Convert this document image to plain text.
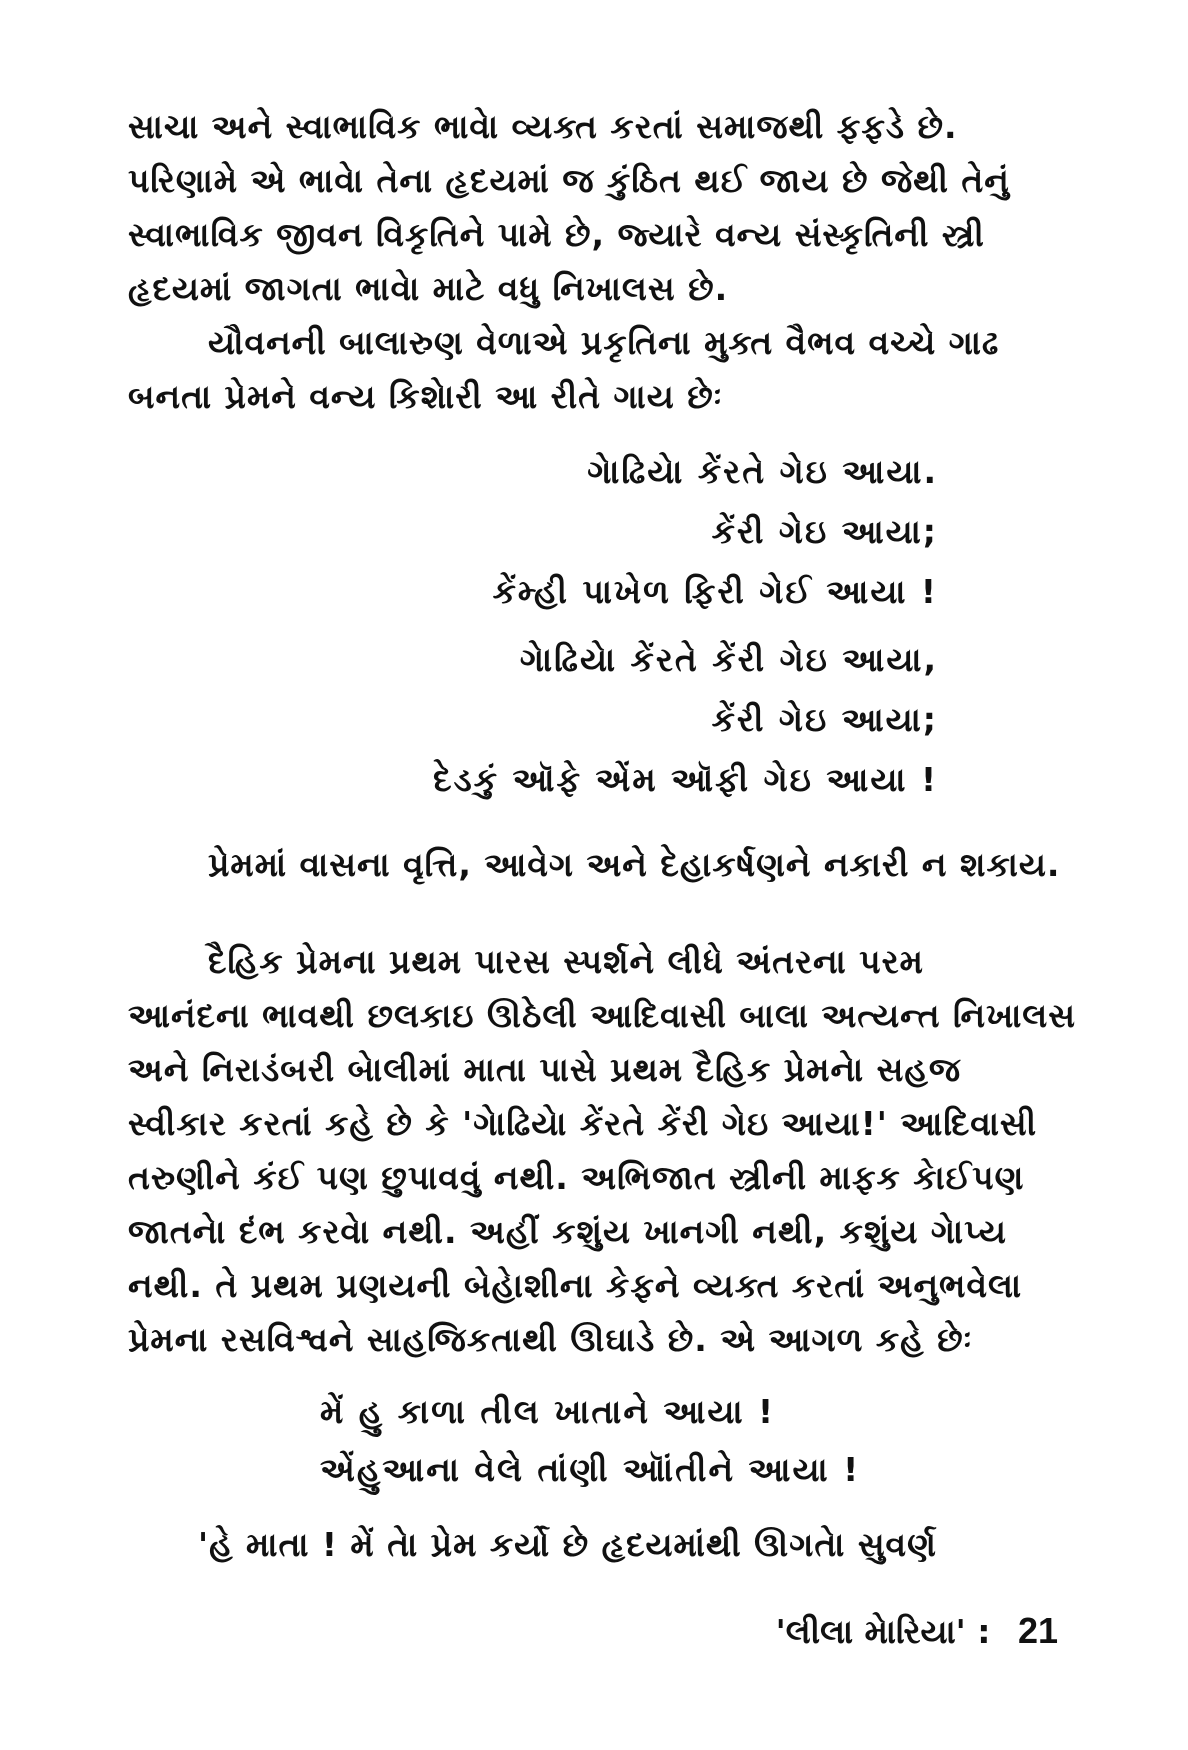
સાચા અને સ્વાભાવિક ભાવેા વ્યક્ત કરતાં સમાજથી ફફડે છે.
પરિણામે એ ભાવેા તેના હૃદયમાં જ કુંઠિત થઈ જાય છે જેથી તેનું
સ્વાભાવિક જીવન વિકૃતિને પામે છે, જ્યારે વન્ય સંસ્કૃતિની સ્ત્રી
હૃદયમાં જાગતા ભાવેા માટે વધુ નિખાલસ છે.
યૌવનની બાલારુણ વેળાએ પ્રકૃતિના મુક્ત વૈભવ વચ્ચે ગાઢ
બનતા પ્રેમને વન્ય કિશેારી આ રીતે ગાય છેઃ
ગેાઢિયેા કેંરતે ગેઇ આયા.
કેંરી ગેઇ આયા;
કેંમ્હી પાખેળ ફિરી ગેઈ આયા !
ગેાઢિયેા કેંરતે કેંરી ગેઇ આયા,
કેંરી ગેઇ આયા;
દેડકું ઑફે એંમ ઑફી ગેઇ આયા !
પ્રેમમાં વાસના વૃત્તિ, આવેગ અને દેહાકર્ષણને નકારી ન શકાય.
દૈહિક પ્રેમના પ્રથમ પારસ સ્પર્શને લીધે અંતરના પરમ
આનંદના ભાવથી છલકાઇ ઊઠેલી આદિવાસી બાલા અત્યન્ત નિખાલસ
અને નિરાડંબરી બેાલીમાં માતા પાસે પ્રથમ દૈહિક પ્રેમનેા સહજ
સ્વીકાર કરતાં કહે છે કે 'ગેાઢિયેા કેંરતે કેંરી ગેઇ આયા!' આદિવાસી
તરુણીને કંઈ પણ છુપાવવું નથી. અભિજાત સ્ત્રીની માફક કેાઈપણ
જાતનેા દંભ કરવેા નથી. અહીં કશુંય ખાનગી નથી, કશુંય ગેાપ્ય
નથી. તે પ્રથમ પ્રણયની બેહેાશીના કેફને વ્યક્ત કરતાં અનુભવેલા
પ્રેમના રસવિશ્વને સાહજિકતાથી ઊઘાડે છે. એ આગળ કહે છેઃ
મેં હુ કાળા તીલ ખાતાને આયા !
એંહુઆના વેલે તાંણી ઑાંતીને આયા !
'હે માતા ! મેં તેા પ્રેમ કર્યો છે હૃદયમાંથી ઊગતેા સુવર્ણ
'લીલા મેારિયા' : 21
